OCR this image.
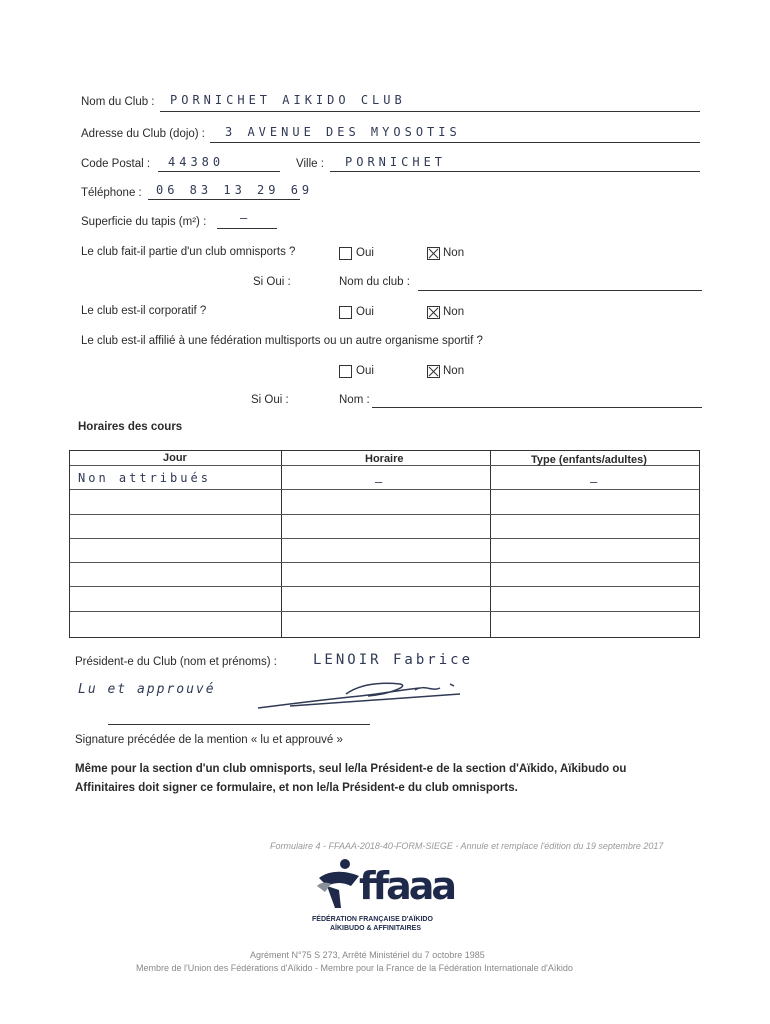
Nom du Club : PORNICHET AIKIDO CLUB
Adresse du Club (dojo) : 3 AVENUE DES MYOSOTIS
Code Postal : 44380	Ville : PORNICHET
Téléphone : 06 83 13 29 69
Superficie du tapis (m²) :	—
Le club fait-il partie d'un club omnisports ?	Oui	Non
Si Oui :	Nom du club :
Le club est-il corporatif ?	Oui	Non
Le club est-il affilié à une fédération multisports ou un autre organisme sportif ?
Oui	Non
Si Oui :	Nom :
Horaires des cours
Jour	Horaire	Type (enfants/adultes)
Non attribués	–	–
Président-e du Club (nom et prénoms) :	LENOIR Fabrice
Lu et approuvé
Signature précédée de la mention « lu et approuvé »
Même pour la section d'un club omnisports, seul le/la Président-e de la section d'Aïkido, Aïkibudo ou
Affinitaires doit signer ce formulaire, et non le/la Président-e du club omnisports.
Formulaire 4 - FFAAA-2018-40-FORM-SIEGE - Annule et remplace l'édition du 19 septembre 2017
ffaaa
FÉDÉRATION FRANÇAISE D'AÏKIDO
AÏKIBUDO & AFFINITAIRES
Agrément N°75 S 273, Arrêté Ministériel du 7 octobre 1985
Membre de l'Union des Fédérations d'Aïkido - Membre pour la France de la Fédération Internationale d'Aïkido
